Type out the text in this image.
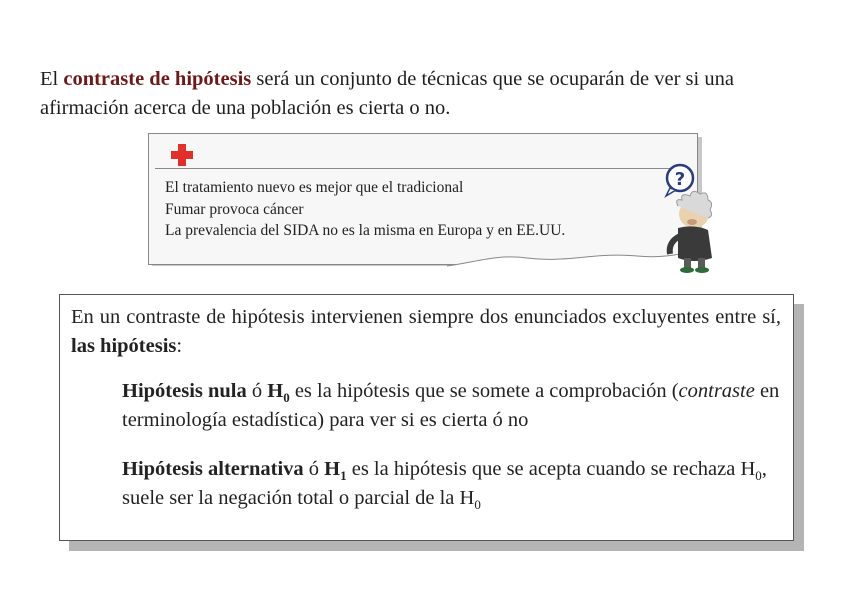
El contraste de hipótesis será un conjunto de técnicas que se ocuparán de ver si una afirmación acerca de una población es cierta o no.

El tratamiento nuevo es mejor que el tradicional
Fumar provoca cáncer
La prevalencia del SIDA no es la misma en Europa y en EE.UU.
?
En un contraste de hipótesis intervienen siempre dos enunciados excluyentes entre sí, las hipótesis:
Hipótesis nula ó $H_0$ es la hipótesis que se somete a comprobación (contraste en terminología estadística) para ver si es cierta ó no
Hipótesis alternativa ó $H_1$ es la hipótesis que se acepta cuando se rechaza $H_0$, suele ser la negación total o parcial de la $H_0$
